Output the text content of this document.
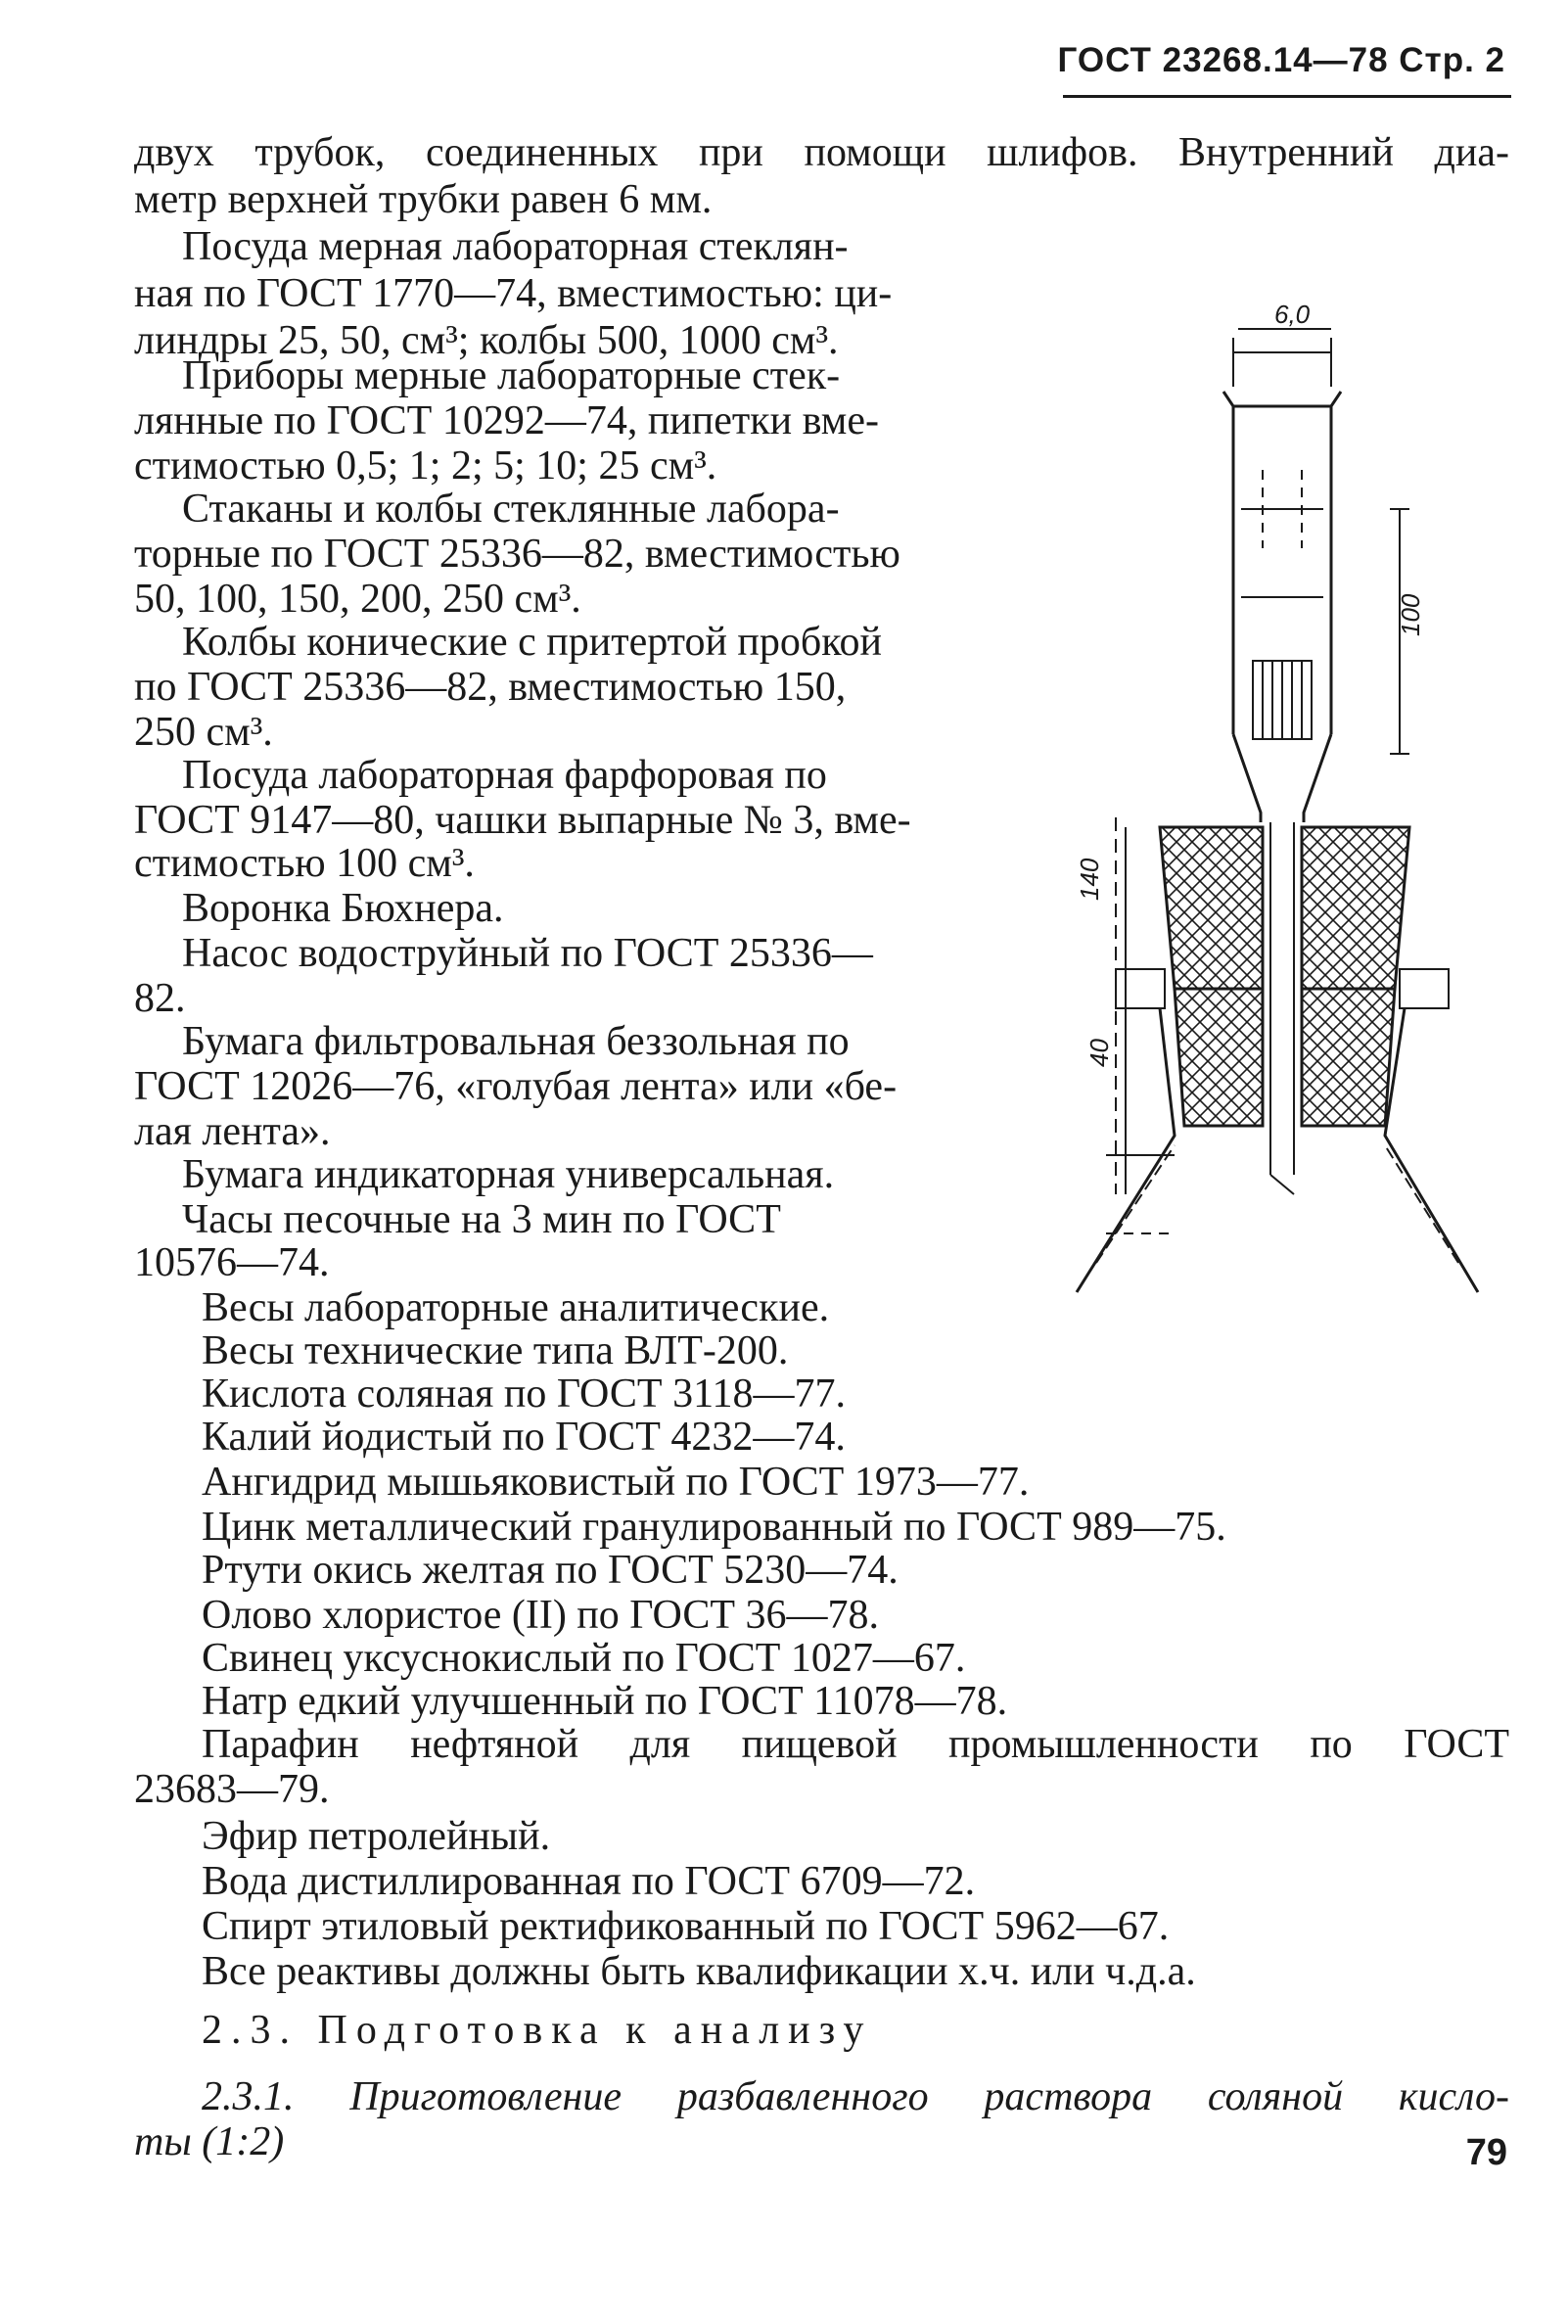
ГОСТ 23268.14—78 Стр. 2
двух трубок, соединенных при помощи шлифов. Внутренний диа-
метр верхней трубки равен 6 мм.
Посуда мерная лабораторная стеклян-
ная по ГОСТ 1770—74, вместимостью: ци-
линдры 25, 50, см³; колбы 500, 1000 см³.
Приборы мерные лабораторные стек-
лянные по ГОСТ 10292—74, пипетки вме-
стимостью 0,5; 1; 2; 5; 10; 25 см³.
Стаканы и колбы стеклянные лабора-
торные по ГОСТ 25336—82, вместимостью
50, 100, 150, 200, 250 см³.
Колбы конические с притертой пробкой
по ГОСТ 25336—82, вместимостью 150,
250 см³.
Посуда лабораторная фарфоровая по
ГОСТ 9147—80, чашки выпарные № 3, вме-
стимостью 100 см³.
Воронка Бюхнера.
Насос водоструйный по ГОСТ 25336—
82.
Бумага фильтровальная беззольная по
ГОСТ 12026—76, «голубая лента» или «бе-
лая лента».
Бумага индикаторная универсальная.
Часы песочные на 3 мин по ГОСТ
10576—74.
Весы лабораторные аналитические.
Весы технические типа ВЛТ-200.
Кислота соляная по ГОСТ 3118—77.
Калий йодистый по ГОСТ 4232—74.
Ангидрид мышьяковистый по ГОСТ 1973—77.
Цинк металлический гранулированный по ГОСТ 989—75.
Ртути окись желтая по ГОСТ 5230—74.
Олово хлористое (II) по ГОСТ 36—78.
Свинец уксуснокислый по ГОСТ 1027—67.
Натр едкий улучшенный по ГОСТ 11078—78.
Парафин нефтяной для пищевой промышленности по ГОСТ
23683—79.
Эфир петролейный.
Вода дистиллированная по ГОСТ 6709—72.
Спирт этиловый ректификованный по ГОСТ 5962—67.
Все реактивы должны быть квалификации х.ч. или ч.д.а.
2.3. Подготовка к анализу
2.3.1. Приготовление разбавленного раствора соляной кисло-
ты (1:2)	79
6,0
100
140
40
